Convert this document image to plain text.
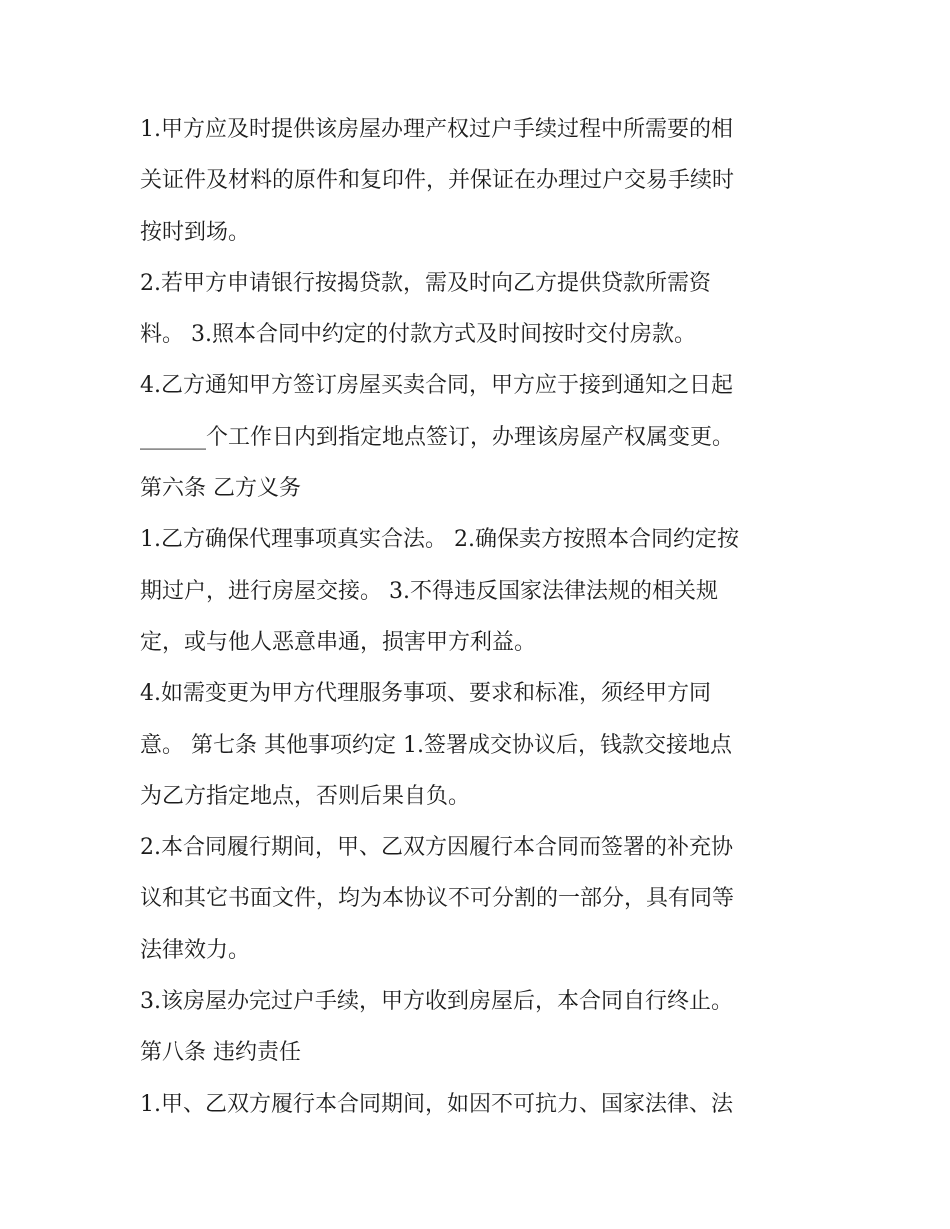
1.甲方应及时提供该房屋办理产权过户手续过程中所需要的相
关证件及材料的原件和复印件，并保证在办理过户交易手续时
按时到场。
2.若甲方申请银行按揭贷款，需及时向乙方提供贷款所需资
料。 3.照本合同中约定的付款方式及时间按时交付房款。
4.乙方通知甲方签订房屋买卖合同，甲方应于接到通知之日起
______个工作日内到指定地点签订，办理该房屋产权属变更。
第六条 乙方义务
1.乙方确保代理事项真实合法。 2.确保卖方按照本合同约定按
期过户，进行房屋交接。 3.不得违反国家法律法规的相关规
定，或与他人恶意串通，损害甲方利益。
4.如需变更为甲方代理服务事项、要求和标准，须经甲方同
意。 第七条 其他事项约定 1.签署成交协议后，钱款交接地点
为乙方指定地点，否则后果自负。
2.本合同履行期间，甲、乙双方因履行本合同而签署的补充协
议和其它书面文件，均为本协议不可分割的一部分，具有同等
法律效力。
3.该房屋办完过户手续，甲方收到房屋后，本合同自行终止。
第八条 违约责任
1.甲、乙双方履行本合同期间，如因不可抗力、国家法律、法
